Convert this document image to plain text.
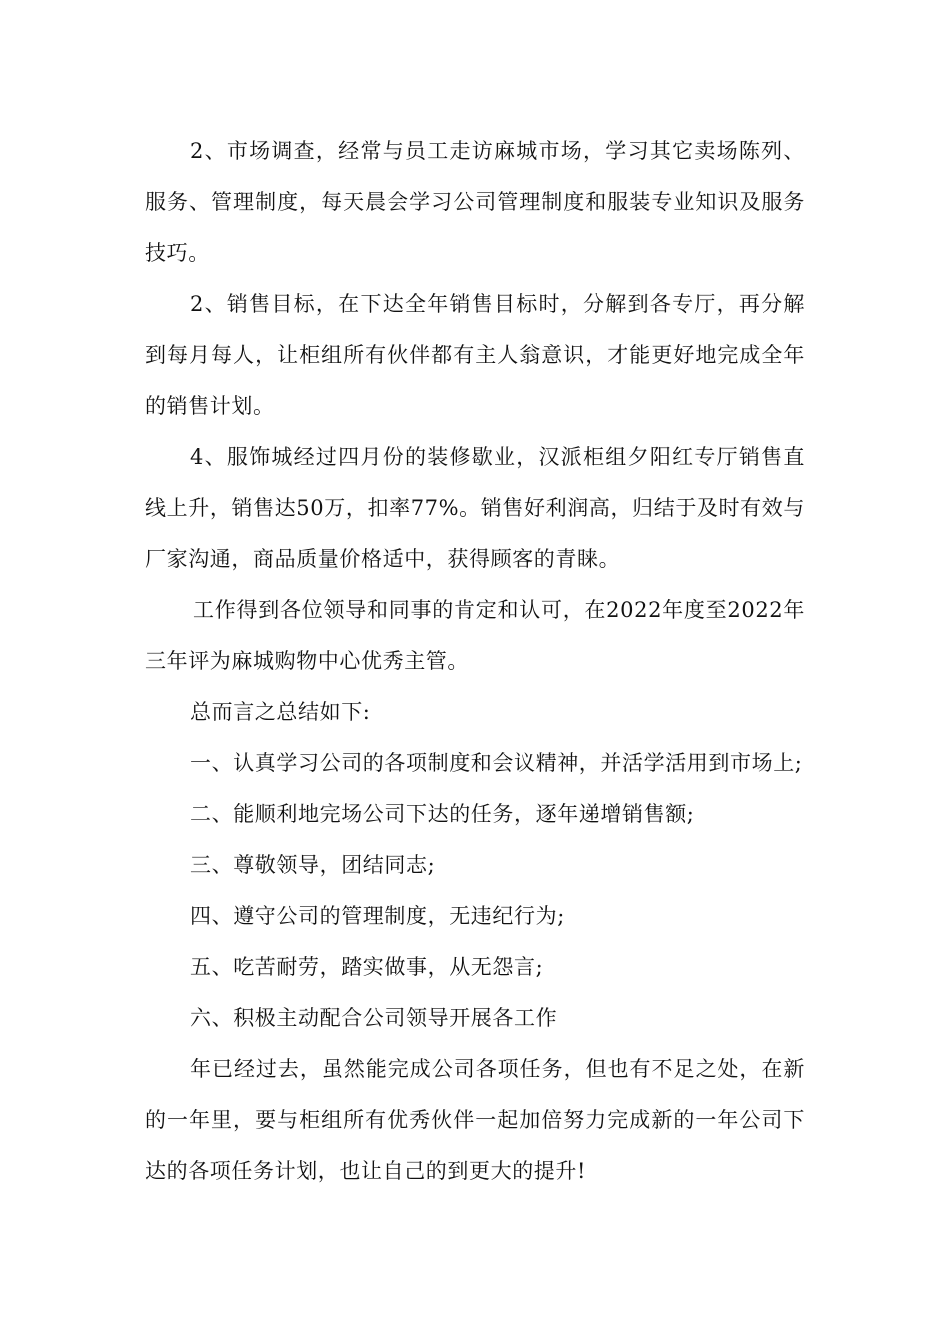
2、市场调查，经常与员工走访麻城市场，学习其它卖场陈列、服务、管理制度，每天晨会学习公司管理制度和服装专业知识及服务技巧。

2、销售目标，在下达全年销售目标时，分解到各专厅，再分解到每月每人，让柜组所有伙伴都有主人翁意识，才能更好地完成全年的销售计划。

4、服饰城经过四月份的装修歇业，汉派柜组夕阳红专厅销售直线上升，销售达50万，扣率77%。销售好利润高，归结于及时有效与厂家沟通，商品质量价格适中，获得顾客的青睐。

工作得到各位领导和同事的肯定和认可，在2022年度至2022年三年评为麻城购物中心优秀主管。

总而言之总结如下:

一、认真学习公司的各项制度和会议精神，并活学活用到市场上;

二、能顺利地完场公司下达的任务，逐年递增销售额;

三、尊敬领导，团结同志;

四、遵守公司的管理制度，无违纪行为;

五、吃苦耐劳，踏实做事，从无怨言;

六、积极主动配合公司领导开展各工作

年已经过去，虽然能完成公司各项任务，但也有不足之处，在新的一年里，要与柜组所有优秀伙伴一起加倍努力完成新的一年公司下达的各项任务计划，也让自己的到更大的提升!
